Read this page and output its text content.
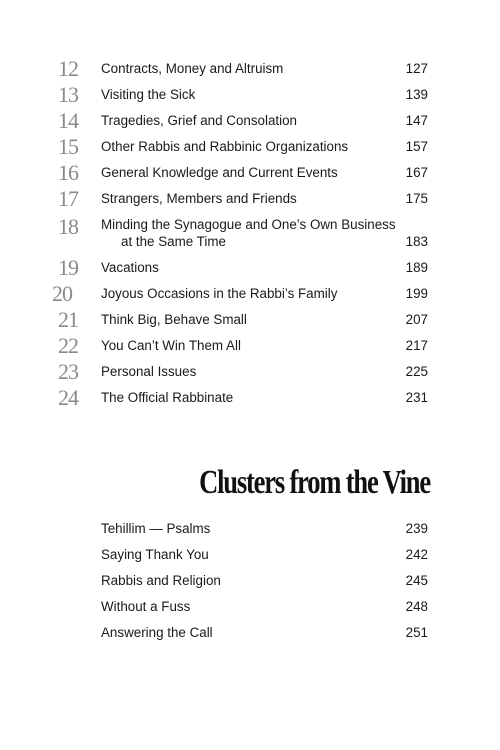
12	Contracts, Money and Altruism	127
13	Visiting the Sick	139
14	Tragedies, Grief and Consolation	147
15	Other Rabbis and Rabbinic Organizations	157
16	General Knowledge and Current Events	167
17	Strangers, Members and Friends	175
18	Minding the Synagogue and One’s Own Business
at the Same Time	183
19	Vacations	189
20	Joyous Occasions in the Rabbi’s Family	199
21	Think Big, Behave Small	207
22	You Can’t Win Them All	217
23	Personal Issues	225
24	The Official Rabbinate	231
Clusters from the Vine
Tehillim — Psalms	239
Saying Thank You	242
Rabbis and Religion	245
Without a Fuss	248
Answering the Call	251
